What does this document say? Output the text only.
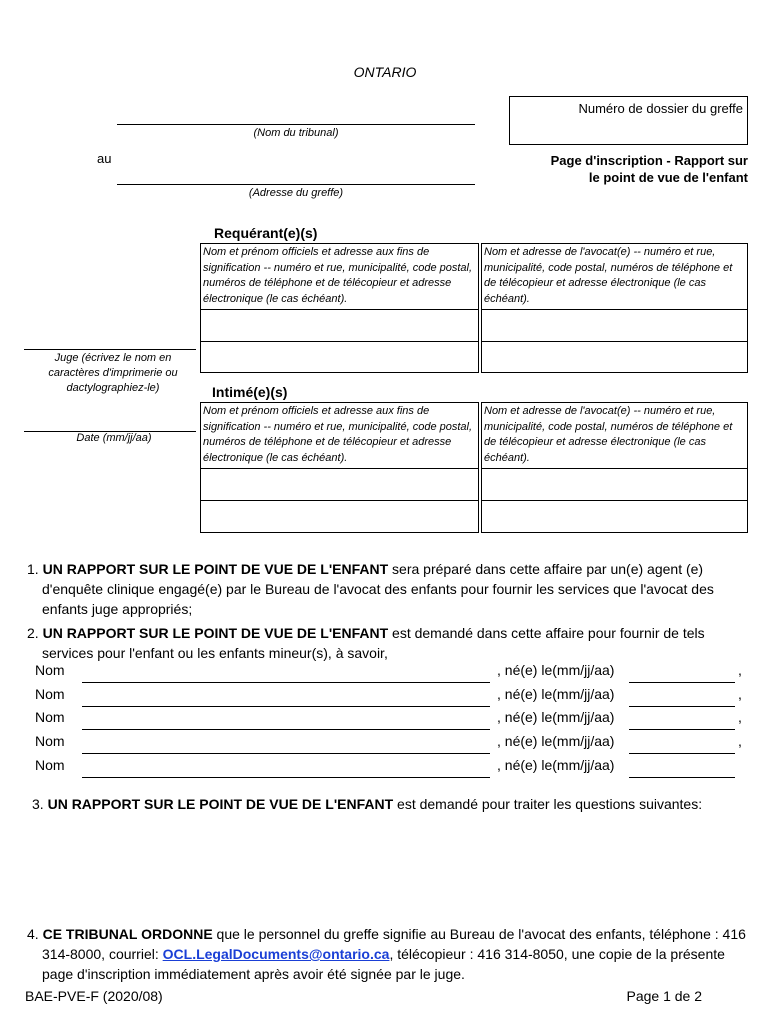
ONTARIO
(Nom du tribunal)
au
(Adresse du greffe)
Numéro de dossier du greffe
Page d'inscription - Rapport sur
le point de vue de l'enfant
Juge (écrivez le nom en caractères d'imprimerie ou dactylographiez-le)
Date (mm/jj/aa)
Requérant(e)(s)
Nom et prénom officiels et adresse aux fins de signification -- numéro et rue, municipalité, code postal, numéros de téléphone et de télécopieur et adresse électronique (le cas échéant).
Nom et adresse de l'avocat(e) -- numéro et rue, municipalité, code postal, numéros de téléphone et de télécopieur et adresse électronique (le cas échéant).
Intimé(e)(s)
Nom et prénom officiels et adresse aux fins de signification -- numéro et rue, municipalité, code postal, numéros de téléphone et de télécopieur et adresse électronique (le cas échéant).
Nom et adresse de l'avocat(e) -- numéro et rue, municipalité, code postal, numéros de téléphone et de télécopieur et adresse électronique (le cas échéant).
1. UN RAPPORT SUR LE POINT DE VUE DE L'ENFANT sera préparé dans cette affaire par un(e) agent (e) d'enquête clinique engagé(e) par le Bureau de l'avocat des enfants pour fournir les services que l'avocat des enfants juge appropriés;
2. UN RAPPORT SUR LE POINT DE VUE DE L'ENFANT est demandé dans cette affaire pour fournir de tels services pour l'enfant ou les enfants mineur(s), à savoir,
Nom	, né(e) le(mm/jj/aa)	,
Nom	, né(e) le(mm/jj/aa)	,
Nom	, né(e) le(mm/jj/aa)	,
Nom	, né(e) le(mm/jj/aa)	,
Nom	, né(e) le(mm/jj/aa)
3. UN RAPPORT SUR LE POINT DE VUE DE L'ENFANT est demandé pour traiter les questions suivantes:
4. CE TRIBUNAL ORDONNE que le personnel du greffe signifie au Bureau de l'avocat des enfants, téléphone : 416 314-8000, courriel: OCL.LegalDocuments@ontario.ca, télécopieur : 416 314-8050, une copie de la présente page d'inscription immédiatement après avoir été signée par le juge.
BAE-PVE-F (2020/08)	Page 1 de 2
